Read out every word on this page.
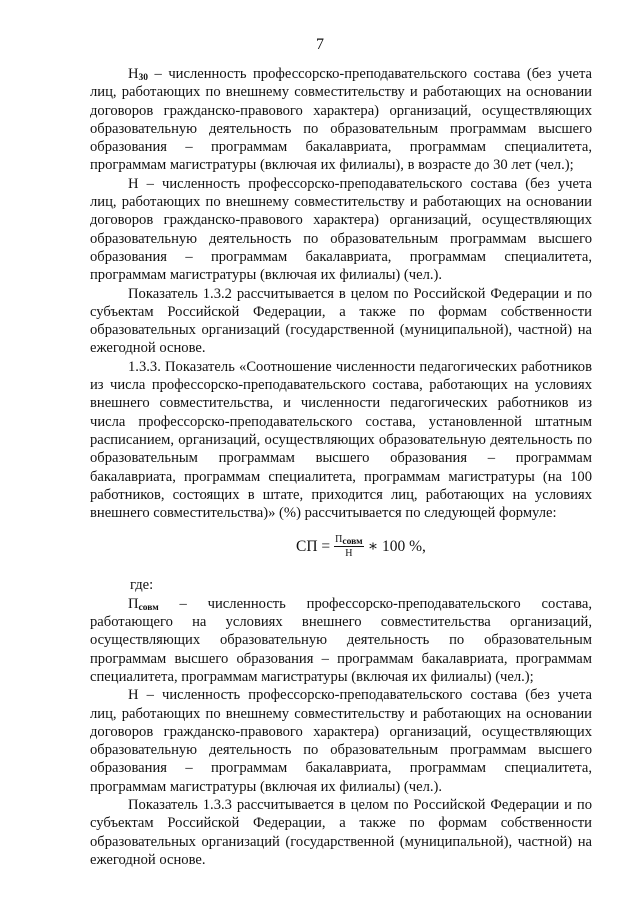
7

$Н_{30}$ – численность профессорско-преподавательского состава (без учета лиц, работающих по внешнему совместительству и работающих на основании договоров гражданско-правового характера) организаций, осуществляющих образовательную деятельность по образовательным программам высшего образования – программам бакалавриата, программам специалитета, программам магистратуры (включая их филиалы), в возрасте до 30 лет (чел.);

Н – численность профессорско-преподавательского состава (без учета лиц, работающих по внешнему совместительству и работающих на основании договоров гражданско-правового характера) организаций, осуществляющих образовательную деятельность по образовательным программам высшего образования – программам бакалавриата, программам специалитета, программам магистратуры (включая их филиалы) (чел.).

Показатель 1.3.2 рассчитывается в целом по Российской Федерации и по субъектам Российской Федерации, а также по формам собственности образовательных организаций (государственной (муниципальной), частной) на ежегодной основе.

1.3.3. Показатель «Соотношение численности педагогических работников из числа профессорско-преподавательского состава, работающих на условиях внешнего совместительства, и численности педагогических работников из числа профессорско-преподавательского состава, установленной штатным расписанием, организаций, осуществляющих образовательную деятельность по образовательным программам высшего образования – программам бакалавриата, программам специалитета, программам магистратуры (на 100 работников, состоящих в штате, приходится лиц, работающих на условиях внешнего совместительства)» (%) рассчитывается по следующей формуле:

СП = $\frac{П_{совм}}{Н}$ ∗ 100 %,

где:

$П_{совм}$ – численность профессорско-преподавательского состава, работающего на условиях внешнего совместительства организаций, осуществляющих образовательную деятельность по образовательным программам высшего образования – программам бакалавриата, программам специалитета, программам магистратуры (включая их филиалы) (чел.);

Н – численность профессорско-преподавательского состава (без учета лиц, работающих по внешнему совместительству и работающих на основании договоров гражданско-правового характера) организаций, осуществляющих образовательную деятельность по образовательным программам высшего образования – программам бакалавриата, программам специалитета, программам магистратуры (включая их филиалы) (чел.).

Показатель 1.3.3 рассчитывается в целом по Российской Федерации и по субъектам Российской Федерации, а также по формам собственности образовательных организаций (государственной (муниципальной), частной) на ежегодной основе.
